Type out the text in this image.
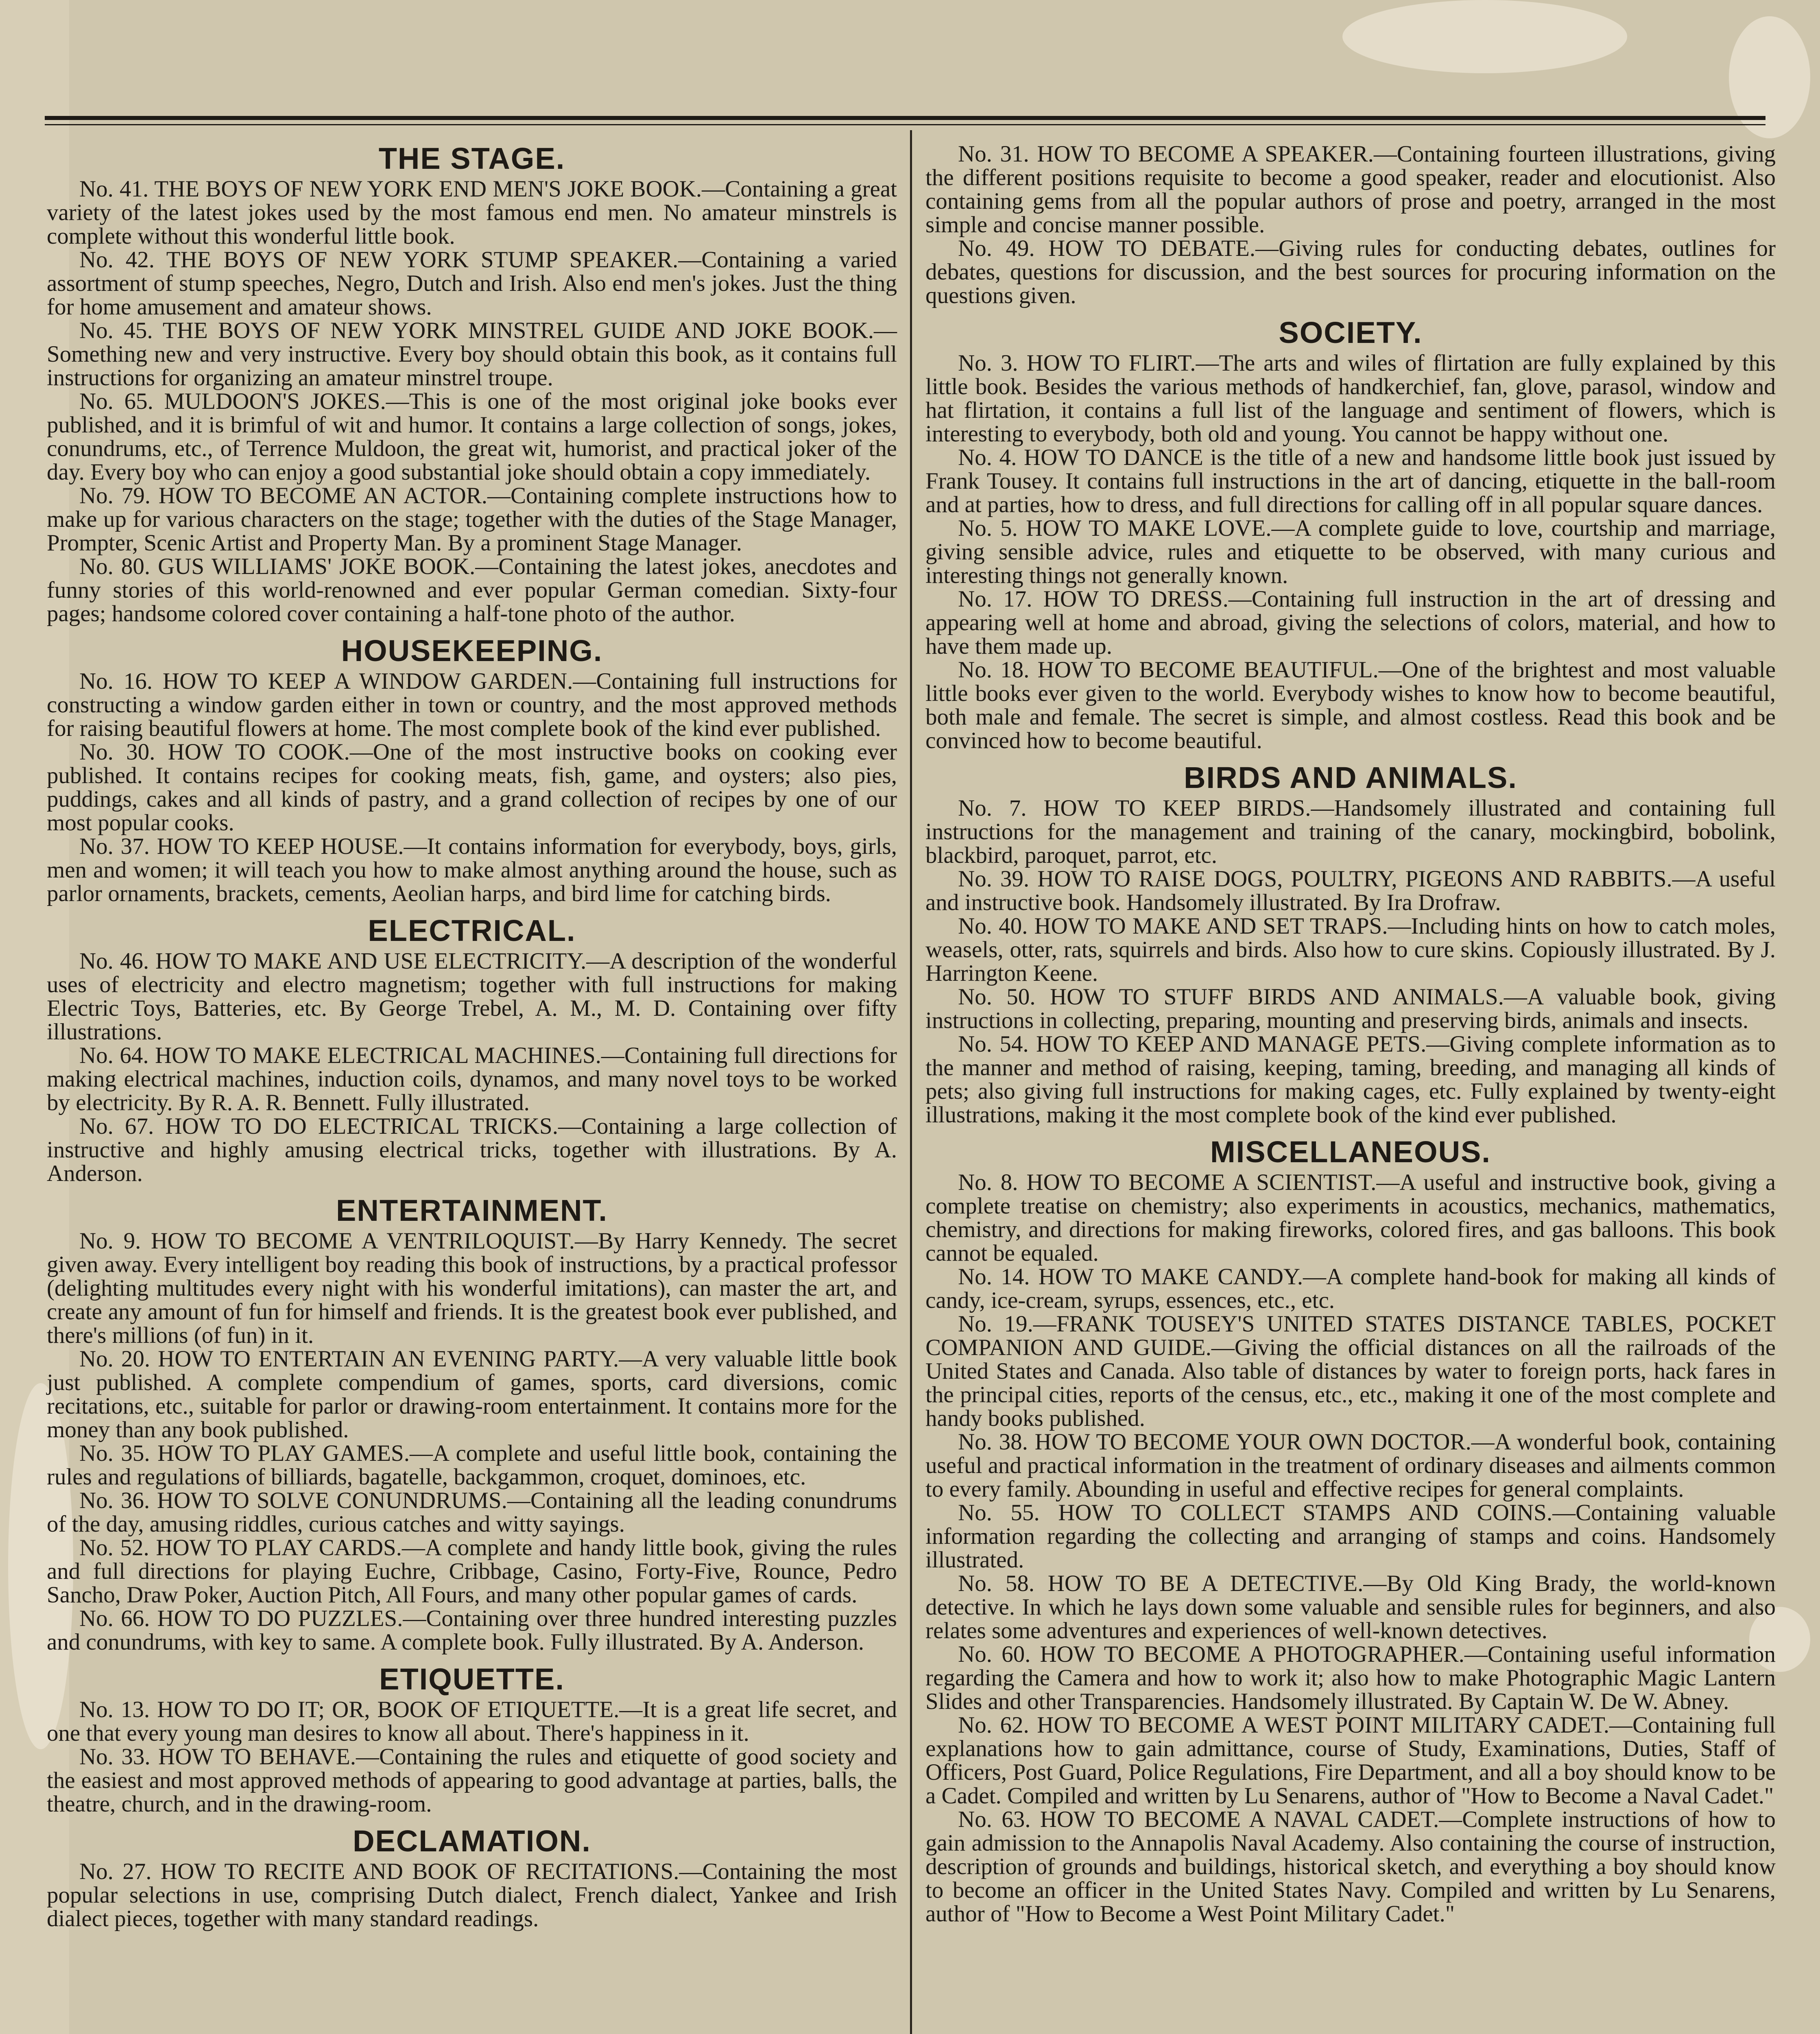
THE STAGE.

No. 41. THE BOYS OF NEW YORK END MEN'S JOKE BOOK.—Containing a great variety of the latest jokes used by the most famous end men. No amateur minstrels is complete without this wonderful little book.

No. 42. THE BOYS OF NEW YORK STUMP SPEAKER.—Containing a varied assortment of stump speeches, Negro, Dutch and Irish. Also end men's jokes. Just the thing for home amusement and amateur shows.

No. 45. THE BOYS OF NEW YORK MINSTREL GUIDE AND JOKE BOOK.—Something new and very instructive. Every boy should obtain this book, as it contains full instructions for organizing an amateur minstrel troupe.

No. 65. MULDOON'S JOKES.—This is one of the most original joke books ever published, and it is brimful of wit and humor. It contains a large collection of songs, jokes, conundrums, etc., of Terrence Muldoon, the great wit, humorist, and practical joker of the day. Every boy who can enjoy a good substantial joke should obtain a copy immediately.

No. 79. HOW TO BECOME AN ACTOR.—Containing complete instructions how to make up for various characters on the stage; together with the duties of the Stage Manager, Prompter, Scenic Artist and Property Man. By a prominent Stage Manager.

No. 80. GUS WILLIAMS' JOKE BOOK.—Containing the latest jokes, anecdotes and funny stories of this world-renowned and ever popular German comedian. Sixty-four pages; handsome colored cover containing a half-tone photo of the author.

HOUSEKEEPING.

No. 16. HOW TO KEEP A WINDOW GARDEN.—Containing full instructions for constructing a window garden either in town or country, and the most approved methods for raising beautiful flowers at home. The most complete book of the kind ever published.

No. 30. HOW TO COOK.—One of the most instructive books on cooking ever published. It contains recipes for cooking meats, fish, game, and oysters; also pies, puddings, cakes and all kinds of pastry, and a grand collection of recipes by one of our most popular cooks.

No. 37. HOW TO KEEP HOUSE.—It contains information for everybody, boys, girls, men and women; it will teach you how to make almost anything around the house, such as parlor ornaments, brackets, cements, Aeolian harps, and bird lime for catching birds.

ELECTRICAL.

No. 46. HOW TO MAKE AND USE ELECTRICITY.—A description of the wonderful uses of electricity and electro magnetism; together with full instructions for making Electric Toys, Batteries, etc. By George Trebel, A. M., M. D. Containing over fifty illustrations.

No. 64. HOW TO MAKE ELECTRICAL MACHINES.—Containing full directions for making electrical machines, induction coils, dynamos, and many novel toys to be worked by electricity. By R. A. R. Bennett. Fully illustrated.

No. 67. HOW TO DO ELECTRICAL TRICKS.—Containing a large collection of instructive and highly amusing electrical tricks, together with illustrations. By A. Anderson.

ENTERTAINMENT.

No. 9. HOW TO BECOME A VENTRILOQUIST.—By Harry Kennedy. The secret given away. Every intelligent boy reading this book of instructions, by a practical professor (delighting multitudes every night with his wonderful imitations), can master the art, and create any amount of fun for himself and friends. It is the greatest book ever published, and there's millions (of fun) in it.

No. 20. HOW TO ENTERTAIN AN EVENING PARTY.—A very valuable little book just published. A complete compendium of games, sports, card diversions, comic recitations, etc., suitable for parlor or drawing-room entertainment. It contains more for the money than any book published.

No. 35. HOW TO PLAY GAMES.—A complete and useful little book, containing the rules and regulations of billiards, bagatelle, backgammon, croquet, dominoes, etc.

No. 36. HOW TO SOLVE CONUNDRUMS.—Containing all the leading conundrums of the day, amusing riddles, curious catches and witty sayings.

No. 52. HOW TO PLAY CARDS.—A complete and handy little book, giving the rules and full directions for playing Euchre, Cribbage, Casino, Forty-Five, Rounce, Pedro Sancho, Draw Poker, Auction Pitch, All Fours, and many other popular games of cards.

No. 66. HOW TO DO PUZZLES.—Containing over three hundred interesting puzzles and conundrums, with key to same. A complete book. Fully illustrated. By A. Anderson.

ETIQUETTE.

No. 13. HOW TO DO IT; OR, BOOK OF ETIQUETTE.—It is a great life secret, and one that every young man desires to know all about. There's happiness in it.

No. 33. HOW TO BEHAVE.—Containing the rules and etiquette of good society and the easiest and most approved methods of appearing to good advantage at parties, balls, the theatre, church, and in the drawing-room.

DECLAMATION.

No. 27. HOW TO RECITE AND BOOK OF RECITATIONS.—Containing the most popular selections in use, comprising Dutch dialect, French dialect, Yankee and Irish dialect pieces, together with many standard readings.

No. 31. HOW TO BECOME A SPEAKER.—Containing fourteen illustrations, giving the different positions requisite to become a good speaker, reader and elocutionist. Also containing gems from all the popular authors of prose and poetry, arranged in the most simple and concise manner possible.

No. 49. HOW TO DEBATE.—Giving rules for conducting debates, outlines for debates, questions for discussion, and the best sources for procuring information on the questions given.

SOCIETY.

No. 3. HOW TO FLIRT.—The arts and wiles of flirtation are fully explained by this little book. Besides the various methods of handkerchief, fan, glove, parasol, window and hat flirtation, it contains a full list of the language and sentiment of flowers, which is interesting to everybody, both old and young. You cannot be happy without one.

No. 4. HOW TO DANCE is the title of a new and handsome little book just issued by Frank Tousey. It contains full instructions in the art of dancing, etiquette in the ball-room and at parties, how to dress, and full directions for calling off in all popular square dances.

No. 5. HOW TO MAKE LOVE.—A complete guide to love, courtship and marriage, giving sensible advice, rules and etiquette to be observed, with many curious and interesting things not generally known.

No. 17. HOW TO DRESS.—Containing full instruction in the art of dressing and appearing well at home and abroad, giving the selections of colors, material, and how to have them made up.

No. 18. HOW TO BECOME BEAUTIFUL.—One of the brightest and most valuable little books ever given to the world. Everybody wishes to know how to become beautiful, both male and female. The secret is simple, and almost costless. Read this book and be convinced how to become beautiful.

BIRDS AND ANIMALS.

No. 7. HOW TO KEEP BIRDS.—Handsomely illustrated and containing full instructions for the management and training of the canary, mockingbird, bobolink, blackbird, paroquet, parrot, etc.

No. 39. HOW TO RAISE DOGS, POULTRY, PIGEONS AND RABBITS.—A useful and instructive book. Handsomely illustrated. By Ira Drofraw.

No. 40. HOW TO MAKE AND SET TRAPS.—Including hints on how to catch moles, weasels, otter, rats, squirrels and birds. Also how to cure skins. Copiously illustrated. By J. Harrington Keene.

No. 50. HOW TO STUFF BIRDS AND ANIMALS.—A valuable book, giving instructions in collecting, preparing, mounting and preserving birds, animals and insects.

No. 54. HOW TO KEEP AND MANAGE PETS.—Giving complete information as to the manner and method of raising, keeping, taming, breeding, and managing all kinds of pets; also giving full instructions for making cages, etc. Fully explained by twenty-eight illustrations, making it the most complete book of the kind ever published.

MISCELLANEOUS.

No. 8. HOW TO BECOME A SCIENTIST.—A useful and instructive book, giving a complete treatise on chemistry; also experiments in acoustics, mechanics, mathematics, chemistry, and directions for making fireworks, colored fires, and gas balloons. This book cannot be equaled.

No. 14. HOW TO MAKE CANDY.—A complete hand-book for making all kinds of candy, ice-cream, syrups, essences, etc., etc.

No. 19.—FRANK TOUSEY'S UNITED STATES DISTANCE TABLES, POCKET COMPANION AND GUIDE.—Giving the official distances on all the railroads of the United States and Canada. Also table of distances by water to foreign ports, hack fares in the principal cities, reports of the census, etc., etc., making it one of the most complete and handy books published.

No. 38. HOW TO BECOME YOUR OWN DOCTOR.—A wonderful book, containing useful and practical information in the treatment of ordinary diseases and ailments common to every family. Abounding in useful and effective recipes for general complaints.

No. 55. HOW TO COLLECT STAMPS AND COINS.—Containing valuable information regarding the collecting and arranging of stamps and coins. Handsomely illustrated.

No. 58. HOW TO BE A DETECTIVE.—By Old King Brady, the world-known detective. In which he lays down some valuable and sensible rules for beginners, and also relates some adventures and experiences of well-known detectives.

No. 60. HOW TO BECOME A PHOTOGRAPHER.—Containing useful information regarding the Camera and how to work it; also how to make Photographic Magic Lantern Slides and other Transparencies. Handsomely illustrated. By Captain W. De W. Abney.

No. 62. HOW TO BECOME A WEST POINT MILITARY CADET.—Containing full explanations how to gain admittance, course of Study, Examinations, Duties, Staff of Officers, Post Guard, Police Regulations, Fire Department, and all a boy should know to be a Cadet. Compiled and written by Lu Senarens, author of "How to Become a Naval Cadet."

No. 63. HOW TO BECOME A NAVAL CADET.—Complete instructions of how to gain admission to the Annapolis Naval Academy. Also containing the course of instruction, description of grounds and buildings, historical sketch, and everything a boy should know to become an officer in the United States Navy. Compiled and written by Lu Senarens, author of "How to Become a West Point Military Cadet."
